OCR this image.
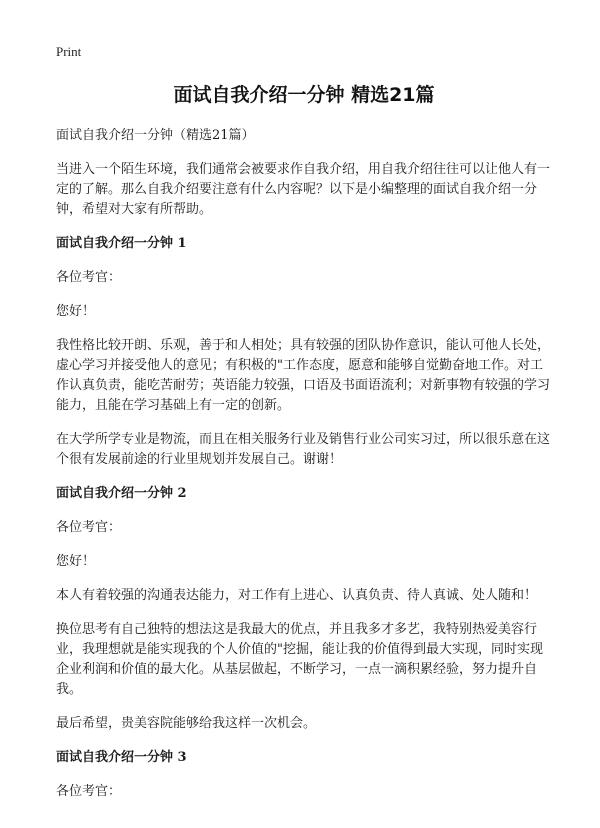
Print
面试自我介绍一分钟 精选21篇

面试自我介绍一分钟（精选21篇）

当进入一个陌生环境，我们通常会被要求作自我介绍，用自我介绍往往可以让他人有一定的了解。那么自我介绍要注意有什么内容呢？以下是小编整理的面试自我介绍一分钟，希望对大家有所帮助。

面试自我介绍一分钟 1

各位考官：

您好！

我性格比较开朗、乐观，善于和人相处；具有较强的团队协作意识，能认可他人长处，虚心学习并接受他人的意见；有积极的"工作态度，愿意和能够自觉勤奋地工作。对工作认真负责，能吃苦耐劳；英语能力较强，口语及书面语流利；对新事物有较强的学习能力，且能在学习基础上有一定的创新。

在大学所学专业是物流，而且在相关服务行业及销售行业公司实习过，所以很乐意在这个很有发展前途的行业里规划并发展自己。谢谢！

面试自我介绍一分钟 2

各位考官：

您好！

本人有着较强的沟通表达能力，对工作有上进心、认真负责、待人真诚、处人随和！

换位思考有自己独特的想法这是我最大的优点，并且我多才多艺，我特别热爱美容行业，我理想就是能实现我的个人价值的"挖掘，能让我的价值得到最大实现，同时实现企业利润和价值的最大化。从基层做起，不断学习，一点一滴积累经验，努力提升自我。

最后希望，贵美容院能够给我这样一次机会。

面试自我介绍一分钟 3

各位考官：
